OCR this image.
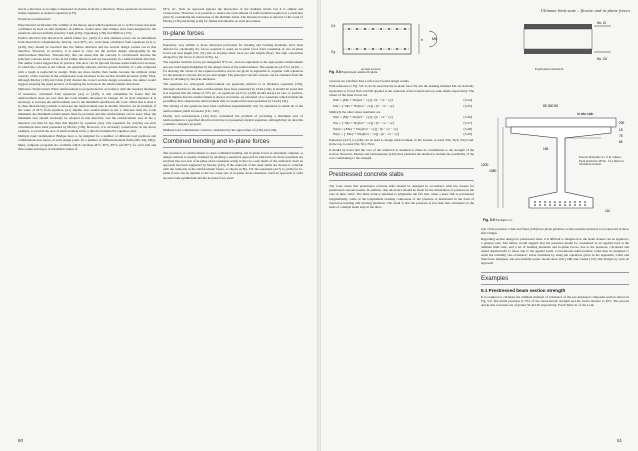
and in a direction at an angle α measured clockwise from the x direction. These equations are known to bridge engineers as Armer's equations [135].

Practical considerations

Experimental verification The validity of the theory, upon which equations A1 to A18 is based, has been confirmed by tests on slab elements; in addition, model skew slab bridges have been designed by the equations and successfully tested by Clark [126], Uppenberg [136] and Hallfors [137].

Failure direction The direction in which failure (i.e. yield) of a slab element occurs can be determined from theoretical considerations. Strictly, once M*x, etc., have been calculated from equations (A1) to (A18), they should be resolved into the failure direction and the section design carried out in this direction. However, in practice, it is usual to carry out the section design orthogonally in the reinforcement direction. Theoretically, this can mean that the concrete is overstressed because the principal concrete stress occurs in the failure direction and not necessarily in a reinforcement direction. The author would suggest that, in practice, this error can be ignored because under-reinforced sections, in which the concrete is not critical, are generally adopted, and the greater ductility of a slab compared with a beam is neglected in design. Slabs are more ductile than beams because the ultimate strain capacity of the concrete in the compression zone increases as the section breadth increases [138]. Thus, although Morley [139] and Clark [126] discuss the correct section design procedure, the author would suggest adopting the usual practice of designing the sections in the reinforcement directions.

Minimum reinforcement When reinforcement is proportioned in accordance with the required moments of resistance, calculated from equations (A1) to (A18), it will sometimes be found that the reinforcement areas are less than the Code minima discussed in Chapter 10. In such situations it is necessary to increase the reinforcement area to the minimum specified in the Code. When this is done it is often theoretically possible to decrease the reinforcement area in another direction. As an example, if the value of M*x from equation (A1) implies less reinforcement in the x direction than the Code minimum, the minimum reinforcement must be provided and this reinforcement can be used. Thus, the minimum area should obviously be adopted in this direction, and the reinforcement area in the y direction can then be less than that implied by equation (A2). The equations for carrying out such calculations have been presented by Morley [139]. However, it is obviously conservative, in the above example, to provide the area of reinforcement in the y direction implied by equation (A2).

Multiple load combinations Bridges have to be designed for a number of different load positions and combinations and, hence, at each design point, for a number of different moment fields (Mx, My, Mxy). Many computer programs are available which calculate M*x, M*y, M'*x and M'*y for each trial and then output envelopes of maximum values of

M*x, etc. Such an approach ignores the interaction of the multiple triads; but it is simple and conservative. However, it is possible to reduce the total amount of reinforcement required at a particular point by considering the interaction of the multiple triads. The interested reader is referred to the work of Morley [139] and Kemp [140] for further information on such procedures.

In-plane forces

Equations, very similar to those discussed previously for bending and twisting moments, have been derived for calculating the forces required to resist an in-plane force triad consisting of two in-plane forces per unit length (Nx, Ny) and an in-plane shear force per unit length (Nxy). The sign convention adopted for the forces is shown in Fig. A1.

The required resistive forces are designated N*x etc., and are equivalent to the appropriate reinforcement area per unit length multiplied by the design stress of the reinforcement. The equations (A17) to (A30) — for deriving the values of the required resistive forces are given in Appendix A, together with equations for the principal concrete forces per unit length. The principal concrete stresses can be obtained from the latter by dividing by the plate thickness.

The equations for orthogonal reinforcement are generally referred to as Nielsen's equations [103], although solutions to the skew reinforcement have been presented by Clark [142]. It should be noted that it is required that the values of N*x etc., in equations (A17) to (A30) should always be zero or positive, which implies that the reinforcement is always in tension. As extended on to equations which include the possibility that compression reinforcement may be required has been presented by Clark [142].

The validity of the equations have been confirmed experimentally only for situations in which all of the reinforcement yields in tension [141, 143].

Morley and Gulvanessian [144] have considered the problem of providing a minimum area of reinforcement in a specified direction but have not presented explicit equations, although they do describe a suitable computer program.

Multiple load combinations could be considered by the approaches of [139] and [140].

Combined bending and in-plane forces

The provision of reinforcement to resist combined bending and in-plane forces is extremely complex. A design solution is usually obtained by adopting a sandwich approach in which the six stress resultants are resolved into two sets of in-plane stress resultants acting in the two outer shells of the sandwich. Such an approach has been suggested by Morley [145]. If the centroids of the outer shells are chosen to coincide with the centroids of the reinforcement layers, as shown in Fig. 5.8, the equations (A17) to (A30) for in-plane forces can be applied to the two outer sets of in-plane stress resultants. Such an approach is valid because both equilibrium and the in-plane force yield

60
Ultimate limit state – flexure and in-plane forces
Cx
Cy
h	Mx
Nx, Ct
Nx, Cb
Actual section	Equivalent sandwich
Fig. 5.8 Equivalent sandwich plate

concrete are satisfied; thus a safe lower bound design results.

With reference to Fig. 5.8, it can be seen that the in-plane force Nx and the bending moment Mx are statically equivalent to forces Nxb and Nxt applied at the centroids of the bottom and top outer shells respectively. The values of the latter forces are

Nxb = [Mx + Nx(h/2 − cy)] / (h − cx − cy)	(5.24)
Nxt = [−Mx + Nx(h/2 − cx)] / (h − cx − cy)	(5.25)

Similarly the other stress resultants are

Nyb = [My + Ny(h/2 − cy)] / (h − cx − cy)	(5.26)
Nyt = [−My + Ny(h/2 − cx)] / (h − cx − cy)	(5.27)
Nxyb = [Mxy + Nxy(h/2 − cy)] / (h − cx − cy)	(5.28)
Nxyt = [−Mxy + Nxy(h/2 − cx)] / (h − cx − cy)	(5.29)

Equations (A17) to (A30) can be used to design reinforcement, in the bottom, to resist Nxb, Nyb, Nxyb and, in the top, to resist Nxt, Nyt, Nxyt.

It should be noted that the core of the sandwich is assumed to make no contribution to the strength of the section. However, Morley and Gulvanessian [144] have extended the method to include the possibility of the core contributing to the strength.

Prestressed concrete slabs

The Code states that prestressed concrete slabs should be designed in accordance with the clauses for prestressed concrete beams. In addition, 'due allowance should be made for the distribution of prestress in the case of skew slabs'. The latter point is intended to emphasize the fact that, when a skew slab is prestressed longitudinally, some of the longitudinal bending component of the prestress is distributed in the form of transverse bending and twisting moments. The result is that the prestress is less than that calculated on the basis of a simple beam strip in the direc-

80 300 80
In-situ slab
200
15
75
80
1200
1080
165
110
Precast M-beams at 1.5 m centres. Each beam has 28 No. 15.2 mm low relaxation strands
Fig. 5.9 Example 5.1

tion of the prestress. Clark and West [146] have given guidance on the resultant prestress to be expected in skew slab bridges.

Regarding section design for prestressed slabs, it is difficult to imagine how the beam clauses can be applied to a general case. The author would suggest that the prestress should be considered as an applied load at the ultimate limit state, and a set of bending moments and in-plane forces, due to the prestress, calculated and added algebraically to those due to the applied loads. Conventional reinforcement could then be designed to resist the resulting 'out-of-balance' stress resultants by using the equations given in the Appendix. Clark and West have designed, and successfully tested, model skew slab [148] and voided [147] slab bridges by such an approach.

Examples
5.1 Prestressed beam section strength

It is required to calculate the ultimate moment of resistance of the pre-tensioned composite section shown in Fig. 5.9. The initial prestress is 70% of the characteristic strength and the losses amount to 30%. The precast and in-situ concretes are of grades 50 and 40 respectively. Fresh Table 21 of the Code

61
